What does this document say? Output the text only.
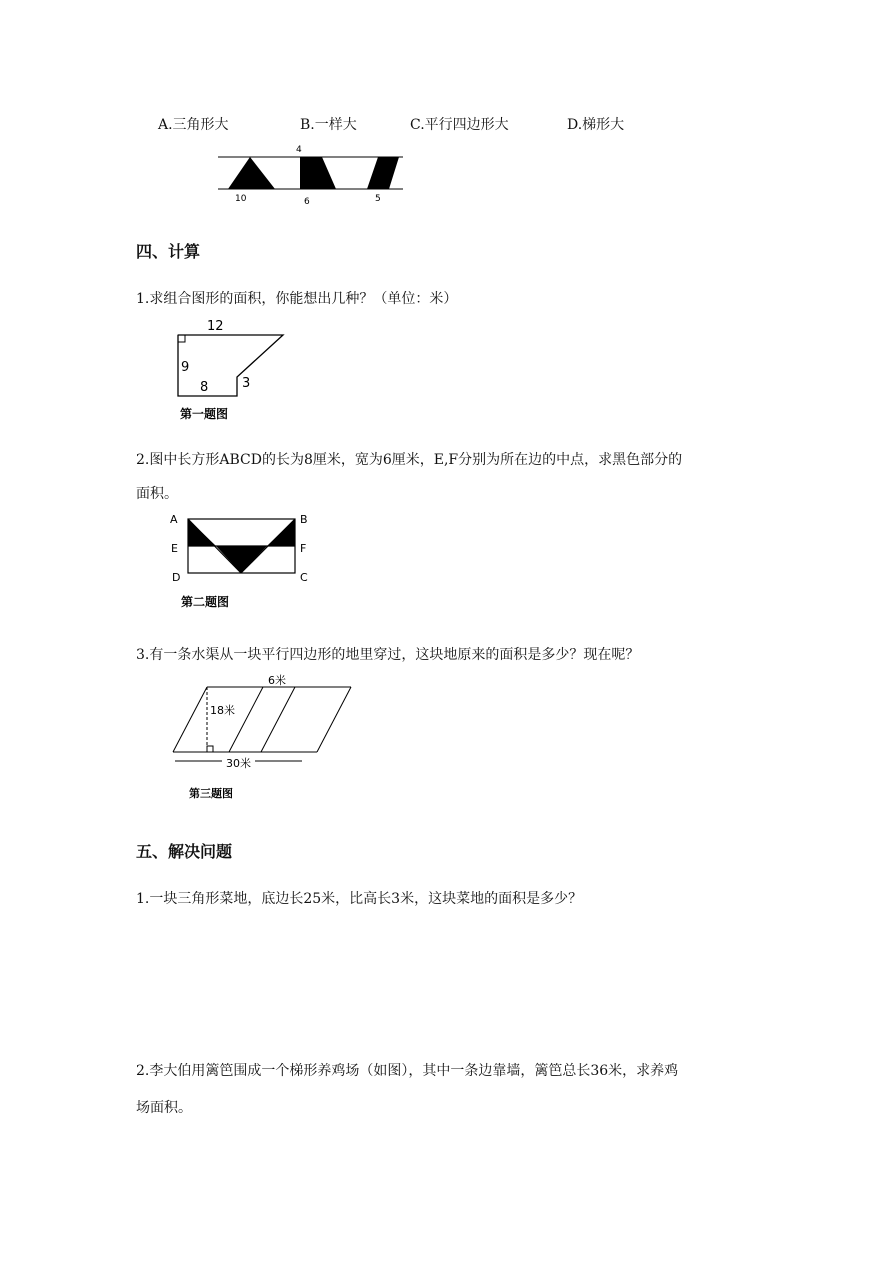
A.三角形大	B.一样大	C.平行四边形大	D.梯形大
4
10	6	5
四、计算
1.求组合图形的面积，你能想出几种？（单位：米）
12
9
8	3
第一题图
2.图中长方形ABCD的长为8厘米，宽为6厘米，E,F分别为所在边的中点，求黑色部分的
面积。
A	B
C
D
E	F
第二题图
3.有一条水渠从一块平行四边形的地里穿过，这块地原来的面积是多少？现在呢？
6米
18米
30米
第三题图
五、解决问题
1.一块三角形菜地，底边长25米，比高长3米，这块菜地的面积是多少？
2.李大伯用篱笆围成一个梯形养鸡场（如图），其中一条边靠墙，篱笆总长36米，求养鸡
场面积。
